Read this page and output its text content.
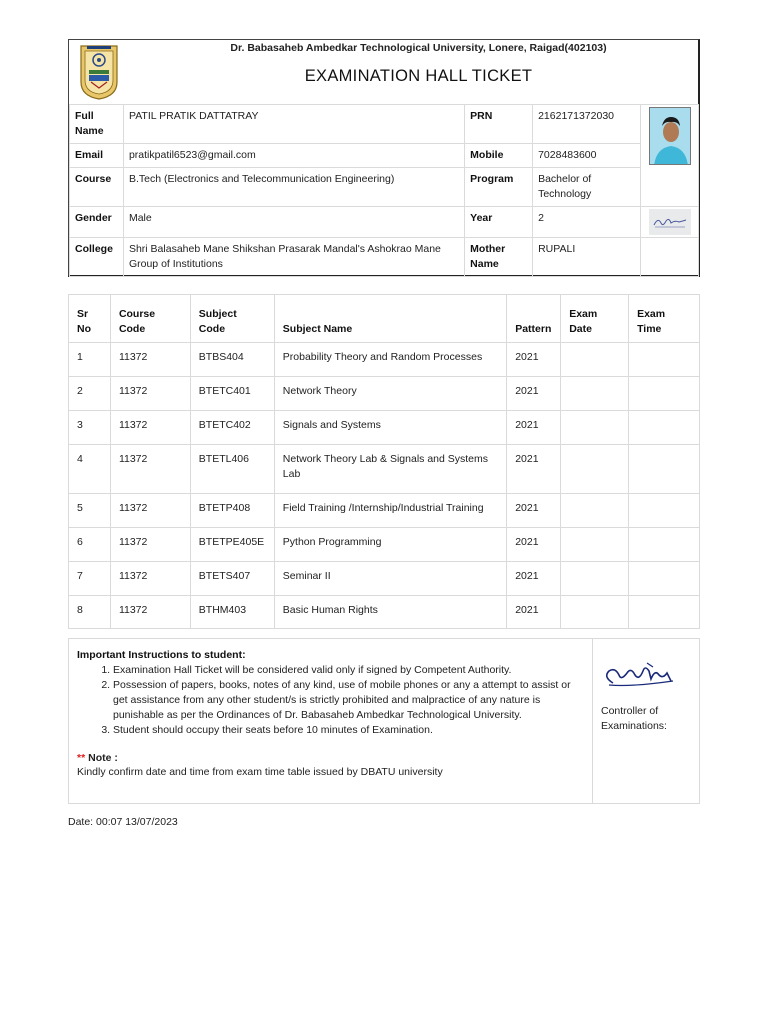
Dr. Babasaheb Ambedkar Technological University, Lonere, Raigad(402103)
EXAMINATION HALL TICKET
Full Name	PATIL PRATIK DATTATRAY	PRN	2162171372030	

Email	pratikpatil6523@gmail.com	Mobile	7028483600	
Course	B.Tech (Electronics and Telecommunication Engineering)	Program	Bachelor of Technology	
Gender	Male	Year	2	

College	Shri Balasaheb Mane Shikshan Prasarak Mandal's Ashokrao Mane Group of Institutions	Mother Name	RUPALI	
Sr No	Course Code	Subject Code	Subject Name	Pattern	Exam Date	Exam Time
1	11372	BTBS404	Probability Theory and Random Processes	2021		
2	11372	BTETC401	Network Theory	2021		
3	11372	BTETC402	Signals and Systems	2021		
4	11372	BTETL406	Network Theory Lab & Signals and Systems Lab	2021		
5	11372	BTETP408	Field Training /Internship/Industrial Training	2021		
6	11372	BTETPE405E	Python Programming	2021		
7	11372	BTETS407	Seminar II	2021		
8	11372	BTHM403	Basic Human Rights	2021		
Important Instructions to student:
1. Examination Hall Ticket will be considered valid only if signed by Competent Authority.
2. Possession of papers, books, notes of any kind, use of mobile phones or any a attempt to assist or get assistance from any other student/s is strictly prohibited and malpractice of any nature is punishable as per the Ordinances of Dr. Babasaheb Ambedkar Technological University.
3. Student should occupy their seats before 10 minutes of Examination.
** Note :
Kindly confirm date and time from exam time table issued by DBATU university
Controller of Examinations:
Date: 00:07 13/07/2023
